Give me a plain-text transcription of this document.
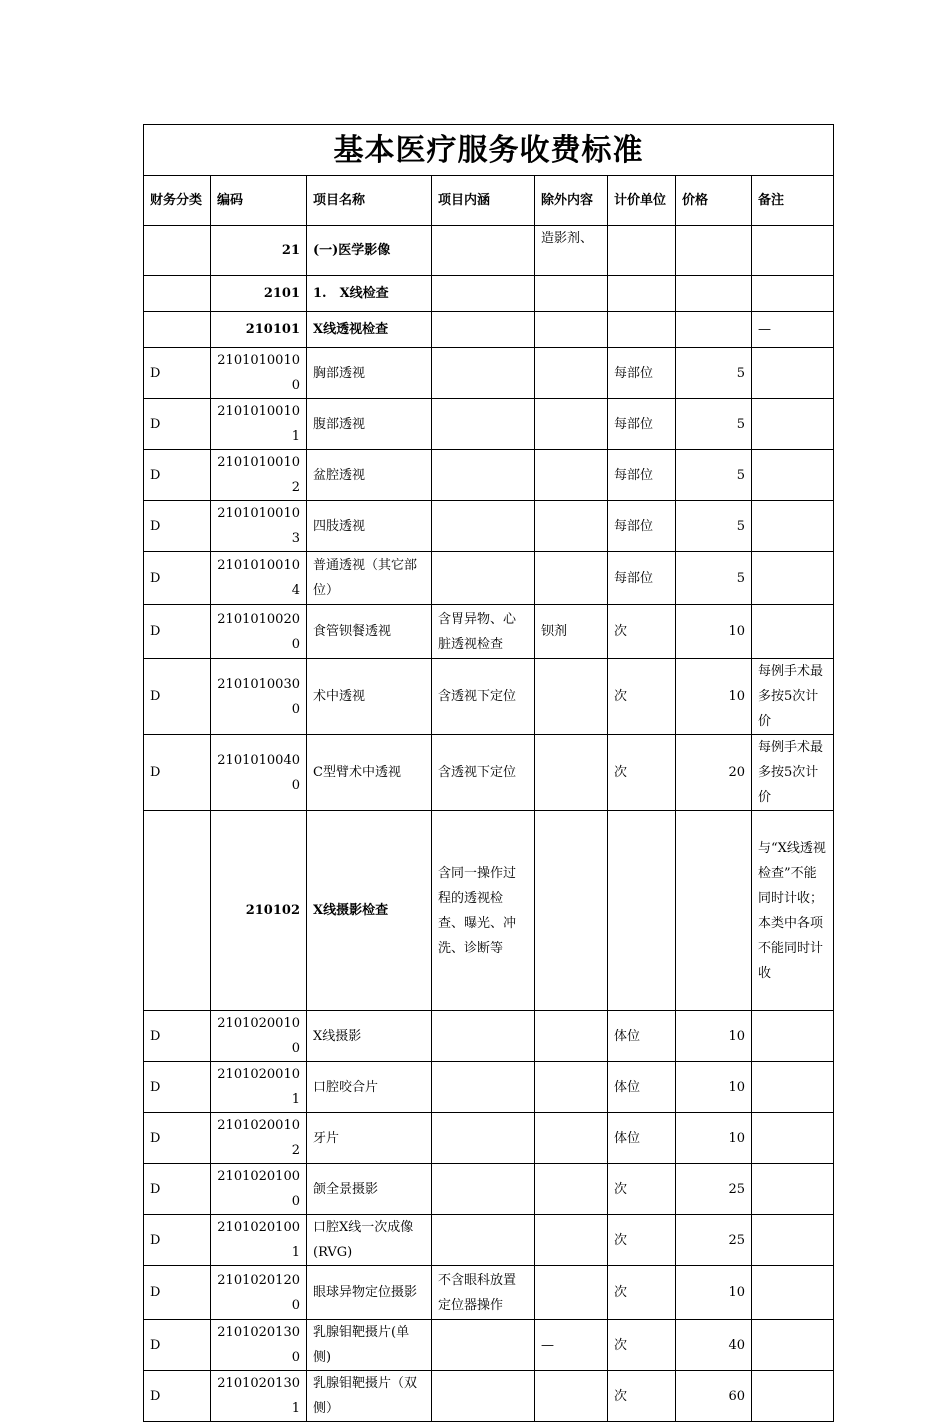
基本医疗服务收费标准							
财务分类	编码	项目名称	项目内涵	除外内容	计价单位	价格	备注
	21	(一)医学影像		造影剂、			
	2101	1.　X线检查					
	210101	X线透视检查					—
D	21010100100	胸部透视			每部位	5	
D	21010100101	腹部透视			每部位	5	
D	21010100102	盆腔透视			每部位	5	
D	21010100103	四肢透视			每部位	5	
D	21010100104	普通透视（其它部位）			每部位	5	
D	21010100200	食管钡餐透视	含胃异物、心脏透视检查	钡剂	次	10	
D	21010100300	术中透视	含透视下定位		次	10	每例手术最多按5次计价
D	21010100400	C型臂术中透视	含透视下定位		次	20	每例手术最多按5次计价
	210102	X线摄影检查	含同一操作过程的透视检查、曝光、冲洗、诊断等				与“X线透视检查”不能同时计收；本类中各项不能同时计收
D	21010200100	X线摄影			体位	10	
D	21010200101	口腔咬合片			体位	10	
D	21010200102	牙片			体位	10	
D	21010201000	颌全景摄影			次	25	
D	21010201001	口腔X线一次成像(RVG)			次	25	
D	21010201200	眼球异物定位摄影	不含眼科放置定位器操作		次	10	
D	21010201300	乳腺钼靶摄片(单侧)		—	次	40	
D	21010201301	乳腺钼靶摄片（双侧）			次	60	
